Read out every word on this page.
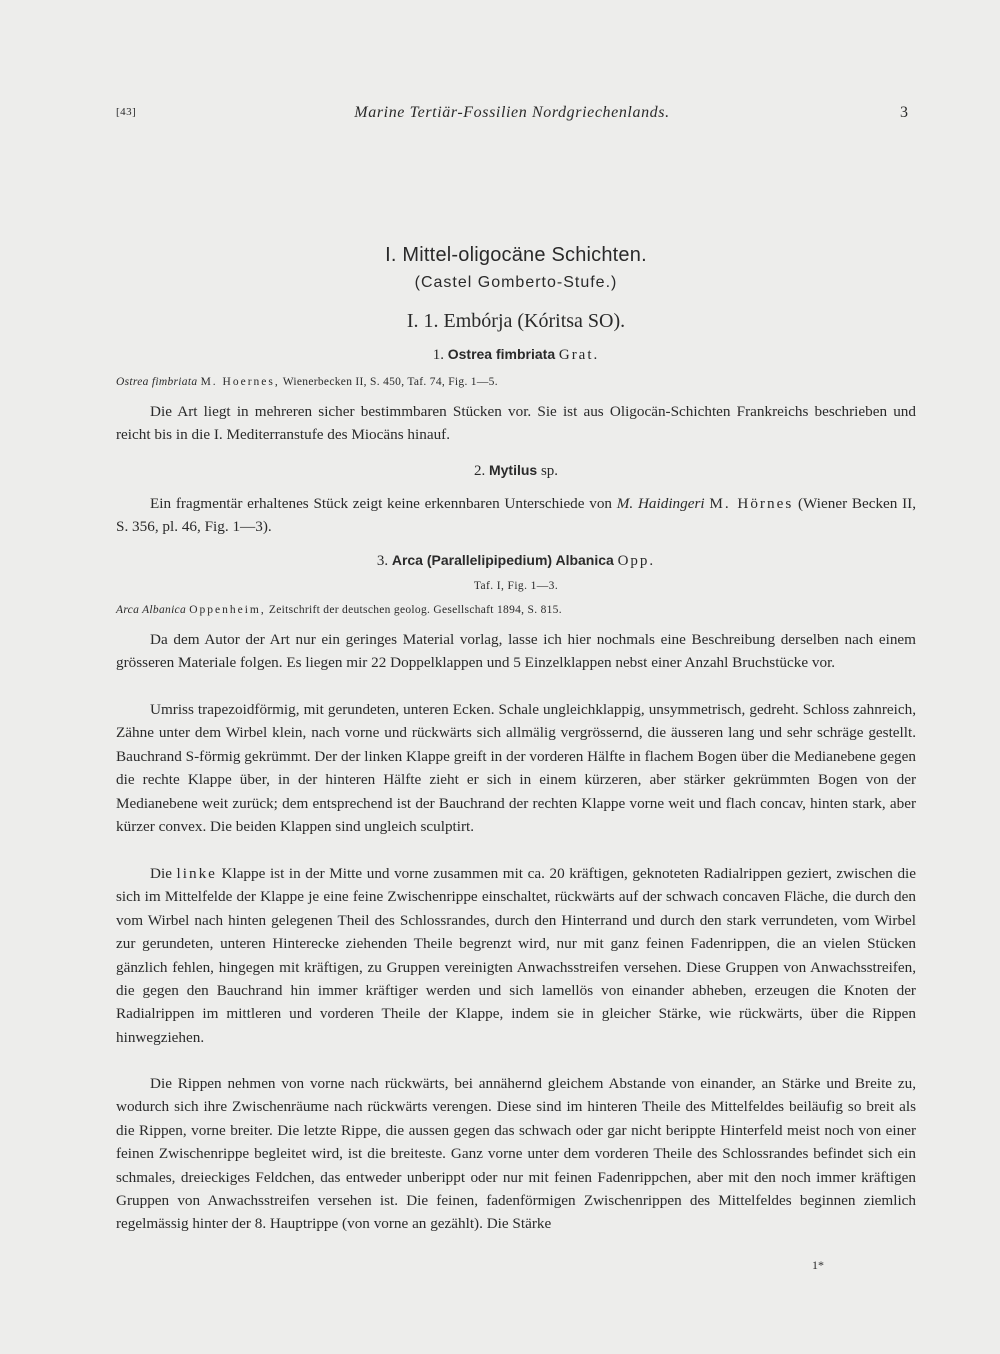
[43]	Marine Tertiär-Fossilien Nordgriechenlands.	3
I. Mittel-oligocäne Schichten.
(Castel Gomberto-Stufe.)
I. 1. Embórja (Kóritsa SO).
1. Ostrea fimbriata Grat.
Ostrea fimbriata M. Hoernes, Wienerbecken II, S. 450, Taf. 74, Fig. 1—5.

Die Art liegt in mehreren sicher bestimmbaren Stücken vor. Sie ist aus Oligocän-Schichten Frankreichs beschrieben und reicht bis in die I. Mediterranstufe des Miocäns hinauf.

2. Mytilus sp.

Ein fragmentär erhaltenes Stück zeigt keine erkennbaren Unterschiede von M. Haidingeri M. Hörnes (Wiener Becken II, S. 356, pl. 46, Fig. 1—3).

3. Arca (Parallelipipedium) Albanica Opp.
Taf. I, Fig. 1—3.
Arca Albanica Oppenheim, Zeitschrift der deutschen geolog. Gesellschaft 1894, S. 815.

Da dem Autor der Art nur ein geringes Material vorlag, lasse ich hier nochmals eine Beschreibung derselben nach einem grösseren Materiale folgen. Es liegen mir 22 Doppelklappen und 5 Einzelklappen nebst einer Anzahl Bruchstücke vor.

Umriss trapezoidförmig, mit gerundeten, unteren Ecken. Schale ungleichklappig, unsymmetrisch, gedreht. Schloss zahnreich, Zähne unter dem Wirbel klein, nach vorne und rückwärts sich allmälig vergrössernd, die äusseren lang und sehr schräge gestellt. Bauchrand S-förmig gekrümmt. Der der linken Klappe greift in der vorderen Hälfte in flachem Bogen über die Medianebene gegen die rechte Klappe über, in der hinteren Hälfte zieht er sich in einem kürzeren, aber stärker gekrümmten Bogen von der Medianebene weit zurück; dem entsprechend ist der Bauchrand der rechten Klappe vorne weit und flach concav, hinten stark, aber kürzer convex. Die beiden Klappen sind ungleich sculptirt.

Die linke Klappe ist in der Mitte und vorne zusammen mit ca. 20 kräftigen, geknoteten Radialrippen geziert, zwischen die sich im Mittelfelde der Klappe je eine feine Zwischenrippe einschaltet, rückwärts auf der schwach concaven Fläche, die durch den vom Wirbel nach hinten gelegenen Theil des Schlossrandes, durch den Hinterrand und durch den stark verrundeten, vom Wirbel zur gerundeten, unteren Hinterecke ziehenden Theile begrenzt wird, nur mit ganz feinen Fadenrippen, die an vielen Stücken gänzlich fehlen, hingegen mit kräftigen, zu Gruppen vereinigten Anwachsstreifen versehen. Diese Gruppen von Anwachsstreifen, die gegen den Bauchrand hin immer kräftiger werden und sich lamellös von einander abheben, erzeugen die Knoten der Radialrippen im mittleren und vorderen Theile der Klappe, indem sie in gleicher Stärke, wie rückwärts, über die Rippen hinwegziehen.

Die Rippen nehmen von vorne nach rückwärts, bei annähernd gleichem Abstande von einander, an Stärke und Breite zu, wodurch sich ihre Zwischenräume nach rückwärts verengen. Diese sind im hinteren Theile des Mittelfeldes beiläufig so breit als die Rippen, vorne breiter. Die letzte Rippe, die aussen gegen das schwach oder gar nicht berippte Hinterfeld meist noch von einer feinen Zwischenrippe begleitet wird, ist die breiteste. Ganz vorne unter dem vorderen Theile des Schlossrandes befindet sich ein schmales, dreieckiges Feldchen, das entweder unberippt oder nur mit feinen Fadenrippchen, aber mit den noch immer kräftigen Gruppen von Anwachsstreifen versehen ist. Die feinen, fadenförmigen Zwischenrippen des Mittelfeldes beginnen ziemlich regelmässig hinter der 8. Hauptrippe (von vorne an gezählt). Die Stärke

1*
